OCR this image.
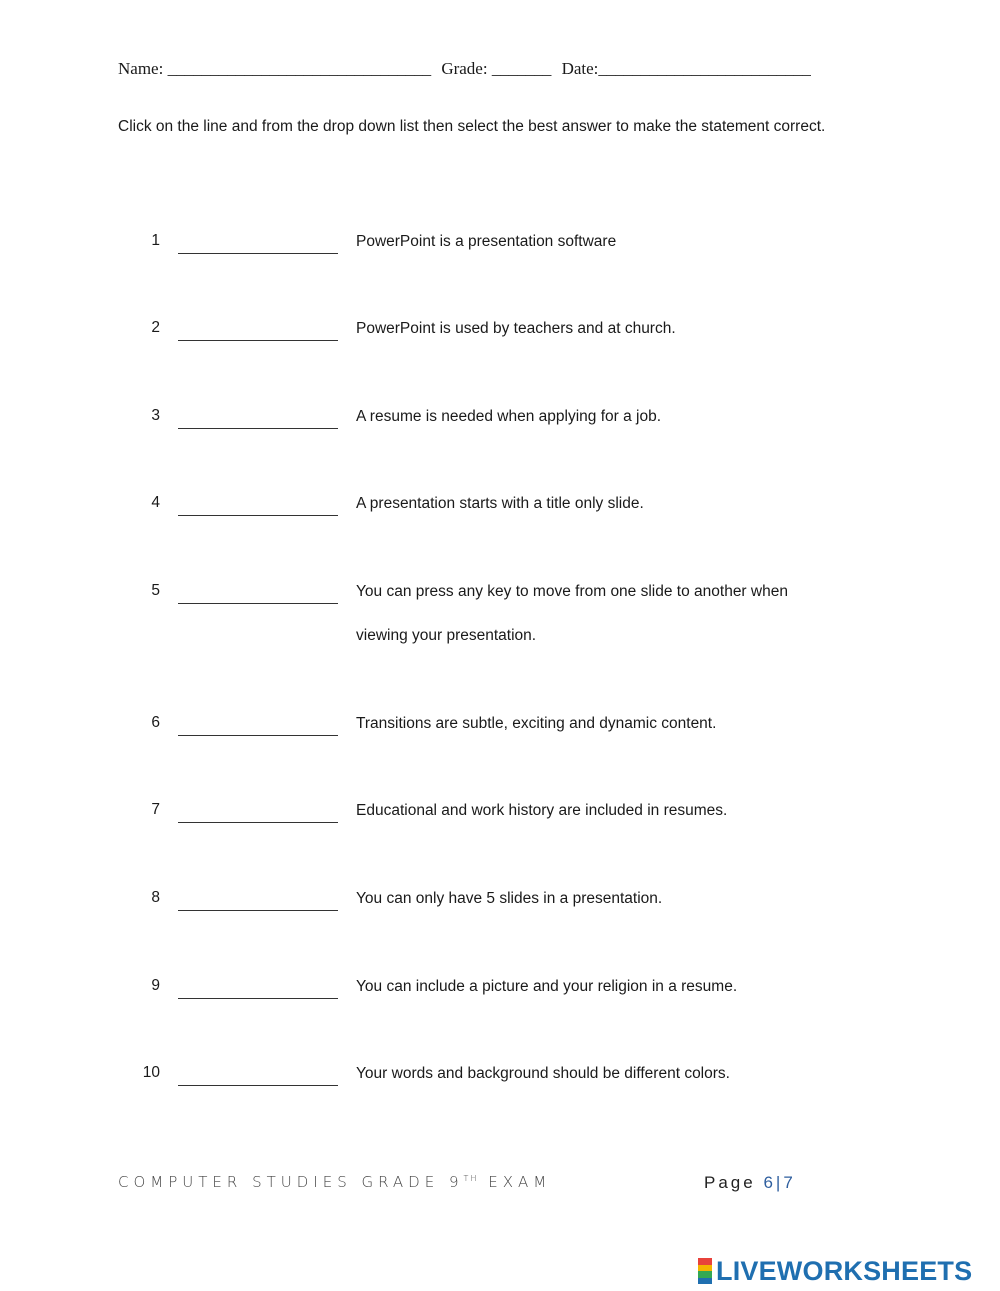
Name: _______________________________ Grade: _______ Date:_________________________
Click on the line and from the drop down list then select the best answer to make the statement correct.
1	PowerPoint is a presentation software
2	PowerPoint is used by teachers and at church.
3	A resume is needed when applying for a job.
4	A presentation starts with a title only slide.
5	You can press any key to move from one slide to another when
viewing your presentation.
6	Transitions are subtle, exciting and dynamic content.
7	Educational and work history are included in resumes.
8	You can only have 5 slides in a presentation.
9	You can include a picture and your religion in a resume.
10	Your words and background should be different colors.
COMPUTER STUDIES GRADE 9TH EXAM	Page 6|7
LIVEWORKSHEETS
